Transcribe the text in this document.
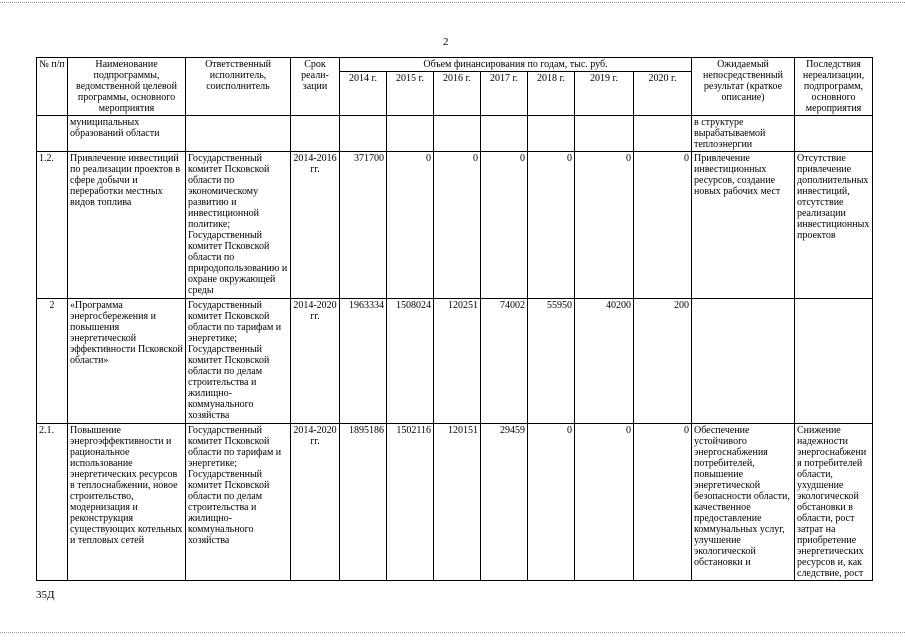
2
№ п/п	Наименование подпрограммы, ведомственной целевой программы, основного мероприятия	Ответственный исполнитель, соисполнитель	Срок реали-зации	Объем финансирования по годам, тыс. руб.							Ожидаемый непосредственный результат (краткое описание)	Последствия нереализации, подпрограмм, основного мероприятия
				2014 г.	2015 г.	2016 г.	2017 г.	2018 г.	2019 г.	2020 г.		
	муниципальных образований области										в структуре вырабатываемой теплоэнергии	
1.2.	Привлечение инвестиций по реализации проектов в сфере добычи и переработки местных видов топлива	Государственный комитет Псковской области по экономическому развитию и инвестиционной политике; Государственный комитет Псковской области по природопользованию и охране окружающей среды	2014-2016 гг.	371700	0	0	0	0	0	0	Привлечение инвестиционных ресурсов, создание новых рабочих мест	Отсутствие привлечение дополнительных инвестиций, отсутствие реализации инвестиционных проектов
2	«Программа энергосбережения и повышения энергетической эффективности Псковской области»	Государственный комитет Псковской области по тарифам и энергетике; Государственный комитет Псковской области по делам строительства и жилищно-коммунального хозяйства	2014-2020 гг.	1963334	1508024	120251	74002	55950	40200	200		
2.1.	Повышение энергоэффективности и рациональное использование энергетических ресурсов в теплоснабжении, новое строительство, модернизация и реконструкция существующих котельных и тепловых сетей	Государственный комитет Псковской области по тарифам и энергетике; Государственный комитет Псковской области по делам строительства и жилищно-коммунального хозяйства	2014-2020 гг.	1895186	1502116	120151	29459	0	0	0	Обеспечение устойчивого энергоснабжения потребителей, повышение энергетической безопасности области, качественное предоставление коммунальных услуг, улучшение экологической обстановки и	Снижение надежности энергоснабжения потребителей области, ухудшение экологической обстановки в области, рост затрат на приобретение энергетических ресурсов и, как следствие, рост
35Д
